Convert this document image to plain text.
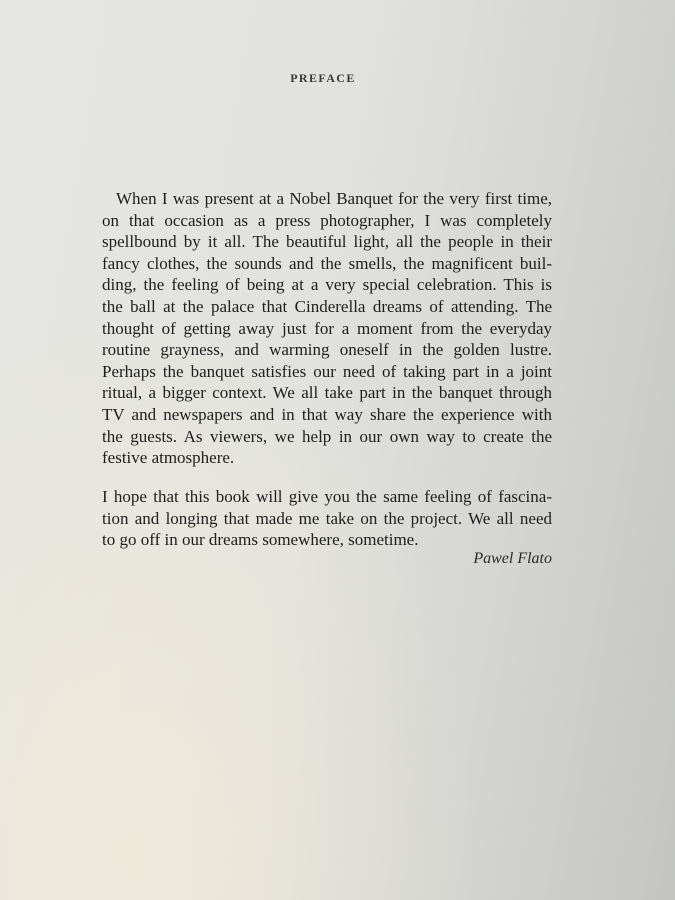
PREFACE
When I was present at a Nobel Banquet for the very first time,
on that occasion as a press photographer, I was completely
spellbound by it all. The beautiful light, all the people in their
fancy clothes, the sounds and the smells, the magnificent buil-
ding, the feeling of being at a very special celebration. This is
the ball at the palace that Cinderella dreams of attending. The
thought of getting away just for a moment from the everyday
routine grayness, and warming oneself in the golden lustre.
Perhaps the banquet satisfies our need of taking part in a joint
ritual, a bigger context. We all take part in the banquet through
TV and newspapers and in that way share the experience with
the guests. As viewers, we help in our own way to create the
festive atmosphere.
I hope that this book will give you the same feeling of fascina-
tion and longing that made me take on the project. We all need
to go off in our dreams somewhere, sometime.
Pawel Flato
